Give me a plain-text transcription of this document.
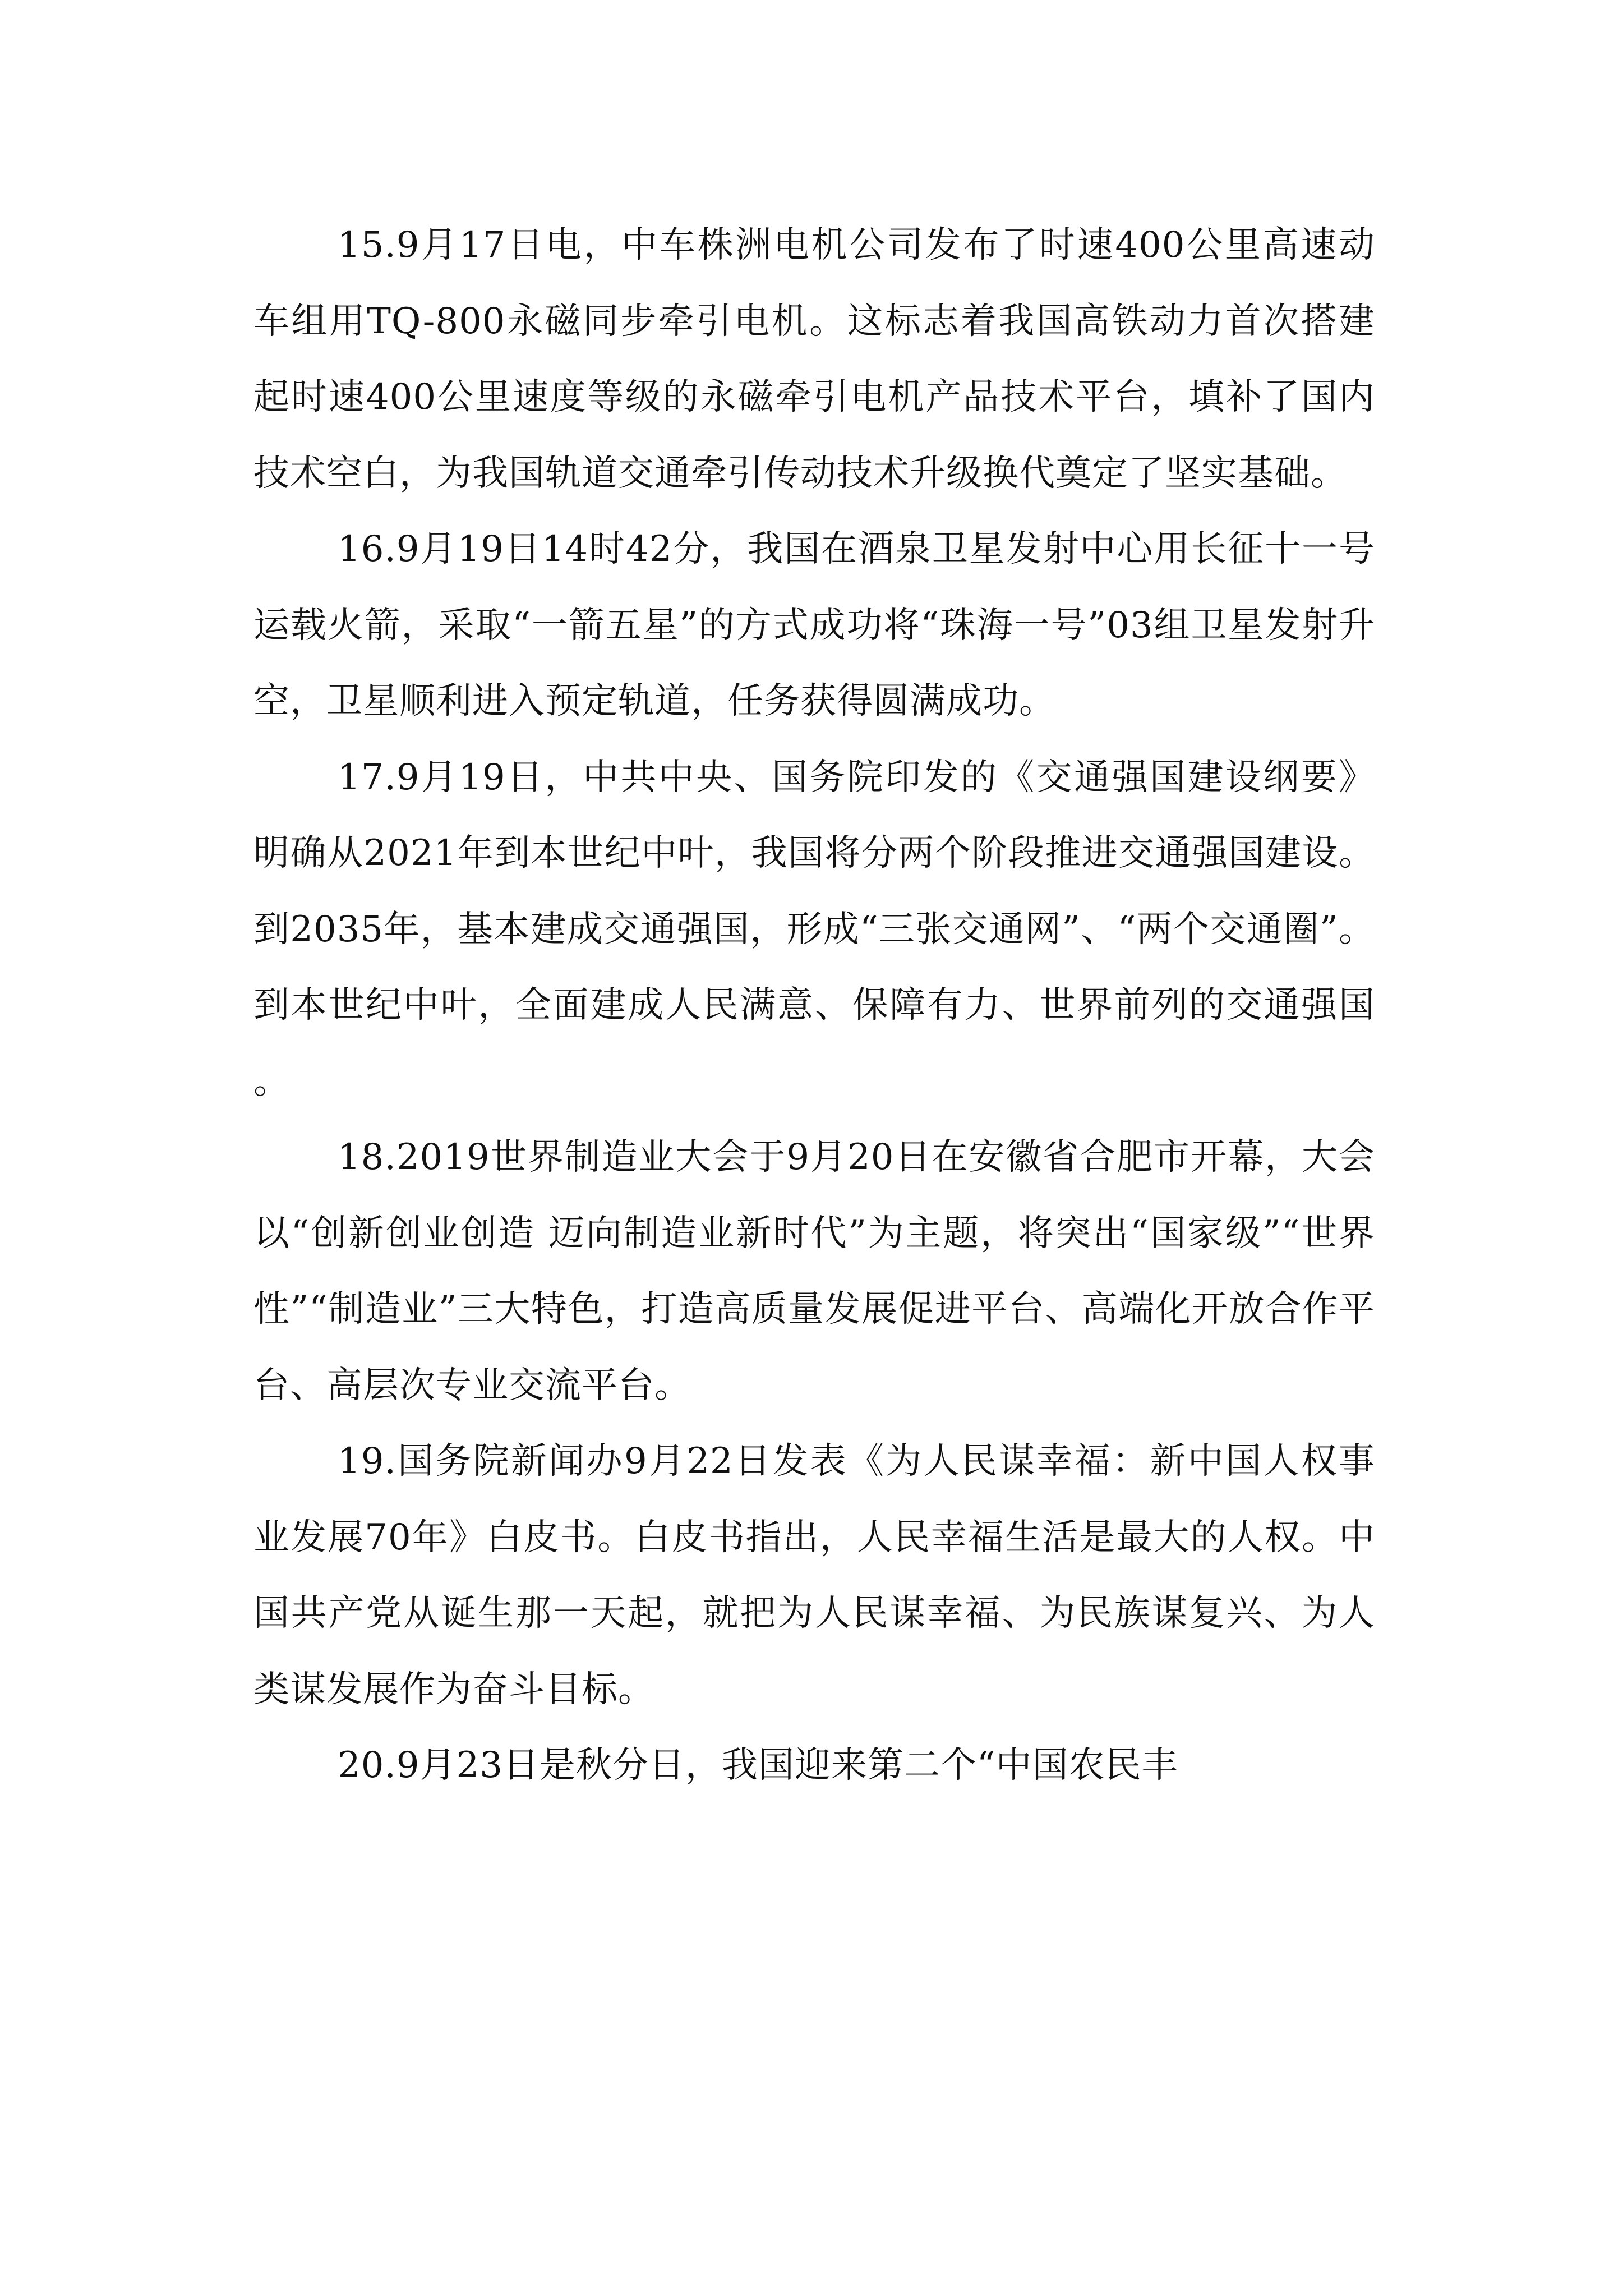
15.9月17日电，中车株洲电机公司发布了时速400公里高速动车组用TQ-800永磁同步牵引电机。这标志着我国高铁动力首次搭建起时速400公里速度等级的永磁牵引电机产品技术平台，填补了国内技术空白，为我国轨道交通牵引传动技术升级换代奠定了坚实基础。

16.9月19日14时42分，我国在酒泉卫星发射中心用长征十一号运载火箭，采取“一箭五星”的方式成功将“珠海一号”03组卫星发射升空，卫星顺利进入预定轨道，任务获得圆满成功。

17.9月19日，中共中央、国务院印发的《交通强国建设纲要》明确从2021年到本世纪中叶，我国将分两个阶段推进交通强国建设。到2035年，基本建成交通强国，形成“三张交通网”、“两个交通圈”。到本世纪中叶，全面建成人民满意、保障有力、世界前列的交通强国。

18.2019世界制造业大会于9月20日在安徽省合肥市开幕，大会以“创新创业创造 迈向制造业新时代”为主题，将突出“国家级”“世界性”“制造业”三大特色，打造高质量发展促进平台、高端化开放合作平台、高层次专业交流平台。

19.国务院新闻办9月22日发表《为人民谋幸福：新中国人权事业发展70年》白皮书。白皮书指出，人民幸福生活是最大的人权。中国共产党从诞生那一天起，就把为人民谋幸福、为民族谋复兴、为人类谋发展作为奋斗目标。

20.9月23日是秋分日，我国迎来第二个“中国农民丰
